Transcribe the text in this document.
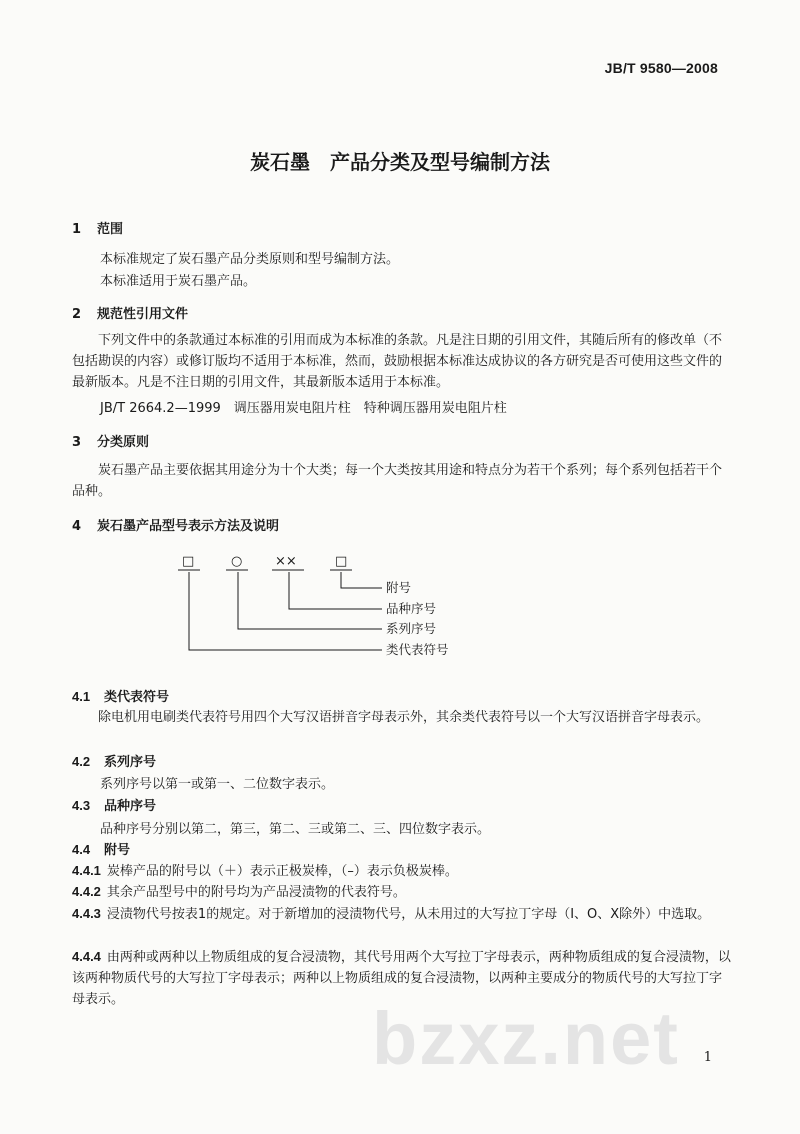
JB/T 9580—2008
炭石墨　产品分类及型号编制方法
1 范围
本标准规定了炭石墨产品分类原则和型号编制方法。
本标准适用于炭石墨产品。
2 规范性引用文件
下列文件中的条款通过本标准的引用而成为本标准的条款。凡是注日期的引用文件，其随后所有的修改单（不包括勘误的内容）或修订版均不适用于本标准，然而，鼓励根据本标准达成协议的各方研究是否可使用这些文件的最新版本。凡是不注日期的引用文件，其最新版本适用于本标准。
JB/T 2664.2—1999　调压器用炭电阻片柱　特种调压器用炭电阻片柱
3 分类原则
炭石墨产品主要依据其用途分为十个大类；每一个大类按其用途和特点分为若干个系列；每个系列包括若干个品种。
4 炭石墨产品型号表示方法及说明
□	○	××	□
附号
品种序号
系列序号
类代表符号
4.1 类代表符号
除电机用电刷类代表符号用四个大写汉语拼音字母表示外，其余类代表符号以一个大写汉语拼音字母表示。
4.2 系列序号
系列序号以第一或第一、二位数字表示。
4.3 品种序号
品种序号分别以第二，第三，第二、三或第二、三、四位数字表示。
4.4 附号
4.4.1 炭棒产品的附号以（＋）表示正极炭棒，（–）表示负极炭棒。
4.4.2 其余产品型号中的附号均为产品浸渍物的代表符号。
4.4.3 浸渍物代号按表1的规定。对于新增加的浸渍物代号，从未用过的大写拉丁字母（I、O、X除外）中选取。
4.4.4 由两种或两种以上物质组成的复合浸渍物，其代号用两个大写拉丁字母表示，两种物质组成的复合浸渍物，以该两种物质代号的大写拉丁字母表示；两种以上物质组成的复合浸渍物，以两种主要成分的物质代号的大写拉丁字母表示。	bzxz.net 1
